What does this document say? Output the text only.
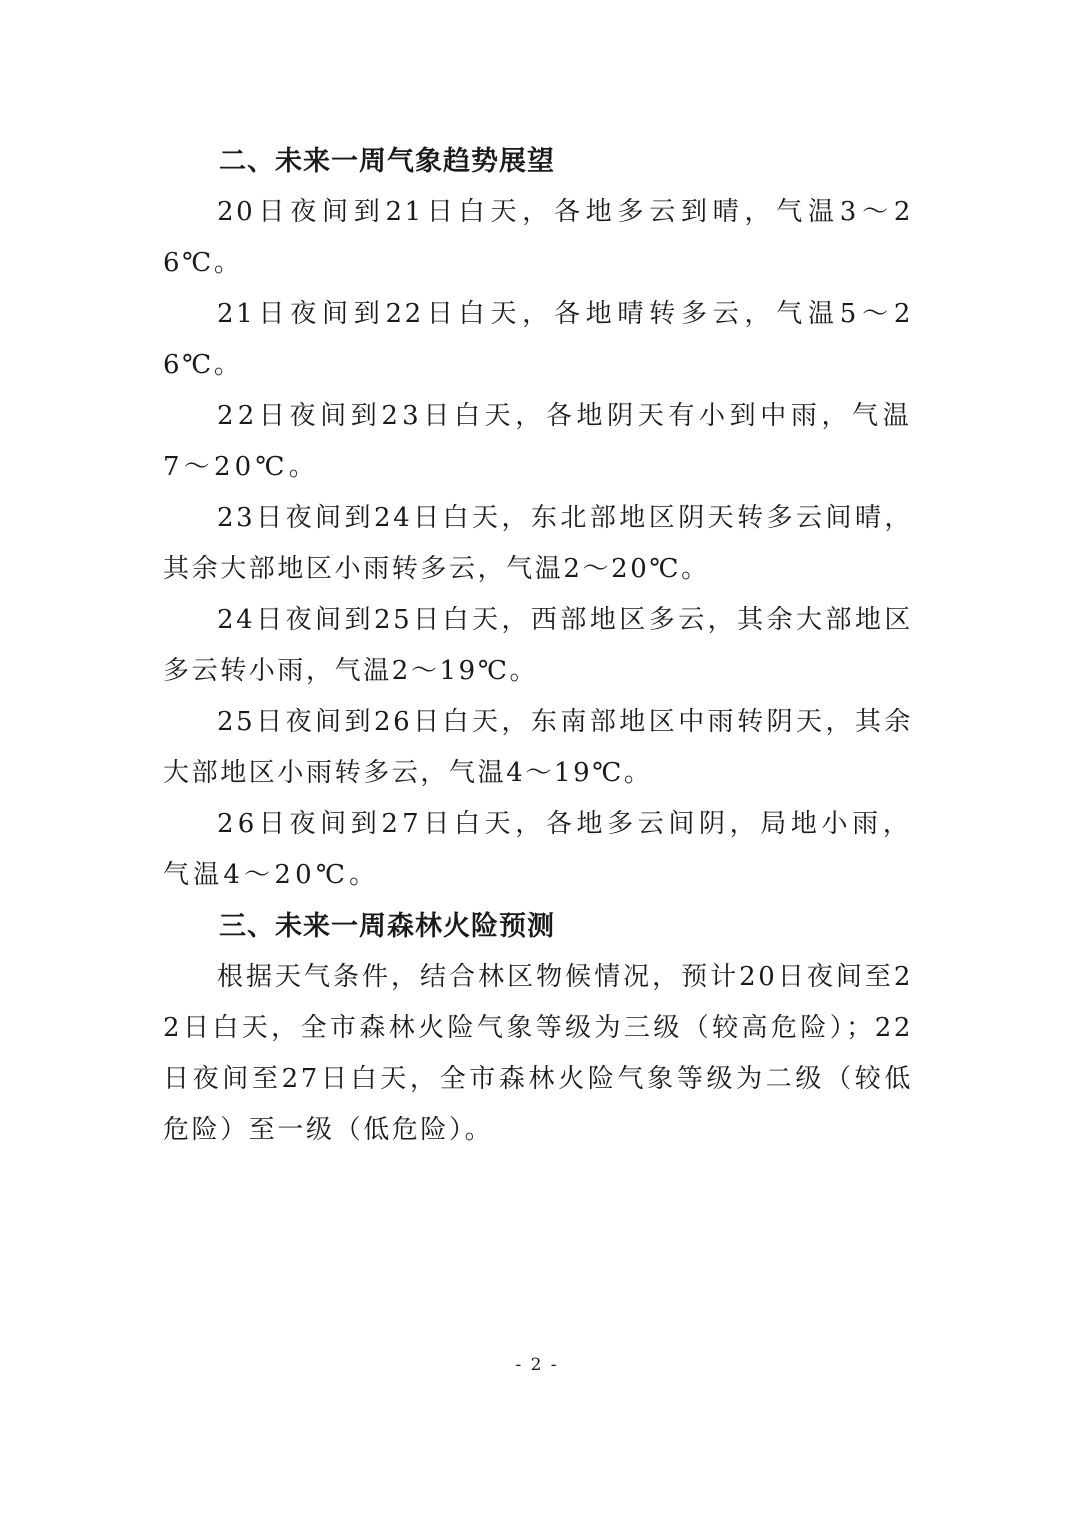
二、未来一周气象趋势展望

20日夜间到21日白天，各地多云到晴，气温3～26℃。

21日夜间到22日白天，各地晴转多云，气温5～26℃。

22日夜间到23日白天，各地阴天有小到中雨，气温7～20℃。

23日夜间到24日白天，东北部地区阴天转多云间晴，其余大部地区小雨转多云，气温2～20℃。

24日夜间到25日白天，西部地区多云，其余大部地区多云转小雨，气温2～19℃。

25日夜间到26日白天，东南部地区中雨转阴天，其余大部地区小雨转多云，气温4～19℃。

26日夜间到27日白天，各地多云间阴，局地小雨，气温4～20℃。

三、未来一周森林火险预测

根据天气条件，结合林区物候情况，预计20日夜间至22日白天，全市森林火险气象等级为三级（较高危险）；22日夜间至27日白天，全市森林火险气象等级为二级（较低危险）至一级（低危险）。

- 2 -
